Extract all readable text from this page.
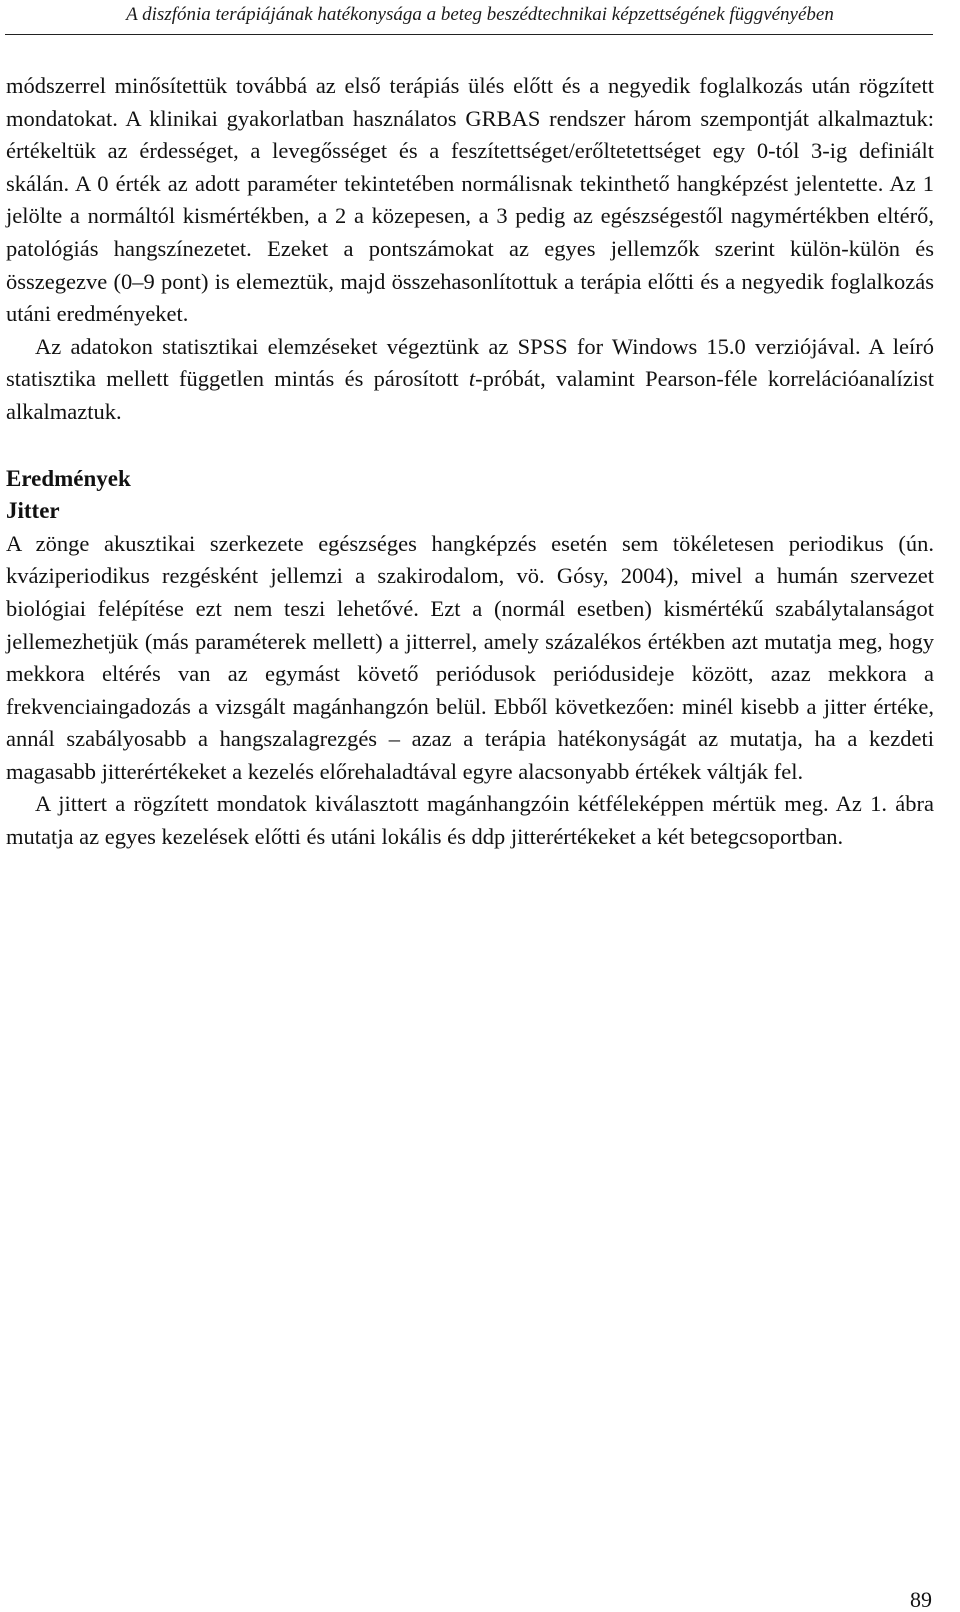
A diszfónia terápiájának hatékonysága a beteg beszédtechnikai képzettségének függvényében

módszerrel minősítettük továbbá az első terápiás ülés előtt és a negyedik foglalkozás után rögzített mondatokat. A klinikai gyakorlatban használatos GRBAS rendszer három szempontját alkalmaztuk: értékeltük az érdességet, a levegősséget és a feszítettséget/erőltetettséget egy 0-tól 3-ig definiált skálán. A 0 érték az adott paraméter tekintetében normálisnak tekinthető hangképzést jelentette. Az 1 jelölte a normáltól kismértékben, a 2 a közepesen, a 3 pedig az egészségestől nagymértékben eltérő, patológiás hangszínezetet. Ezeket a pontszámokat az egyes jellemzők szerint külön-külön és összegezve (0–9 pont) is elemeztük, majd összehasonlítottuk a terápia előtti és a negyedik foglalkozás utáni eredményeket.

Az adatokon statisztikai elemzéseket végeztünk az SPSS for Windows 15.0 verziójával. A leíró statisztika mellett független mintás és párosított t-próbát, valamint Pearson-féle korrelációanalízist alkalmaztuk.

Eredmények
Jitter

A zönge akusztikai szerkezete egészséges hangképzés esetén sem tökéletesen periodikus (ún. kváziperiodikus rezgésként jellemzi a szakirodalom, vö. Gósy, 2004), mivel a humán szervezet biológiai felépítése ezt nem teszi lehetővé. Ezt a (normál esetben) kismértékű szabálytalanságot jellemezhetjük (más paraméterek mellett) a jitterrel, amely százalékos értékben azt mutatja meg, hogy mekkora eltérés van az egymást követő periódusok periódusideje között, azaz mekkora a frekvenciaingadozás a vizsgált magánhangzón belül. Ebből következően: minél kisebb a jitter értéke, annál szabályosabb a hangszalagrezgés – azaz a terápia hatékonyságát az mutatja, ha a kezdeti magasabb jitterértékeket a kezelés előrehaladtával egyre alacsonyabb értékek váltják fel.

A jittert a rögzített mondatok kiválasztott magánhangzóin kétféleképpen mértük meg. Az 1. ábra mutatja az egyes kezelések előtti és utáni lokális és ddp jitterértékeket a két betegcsoportban.

89
